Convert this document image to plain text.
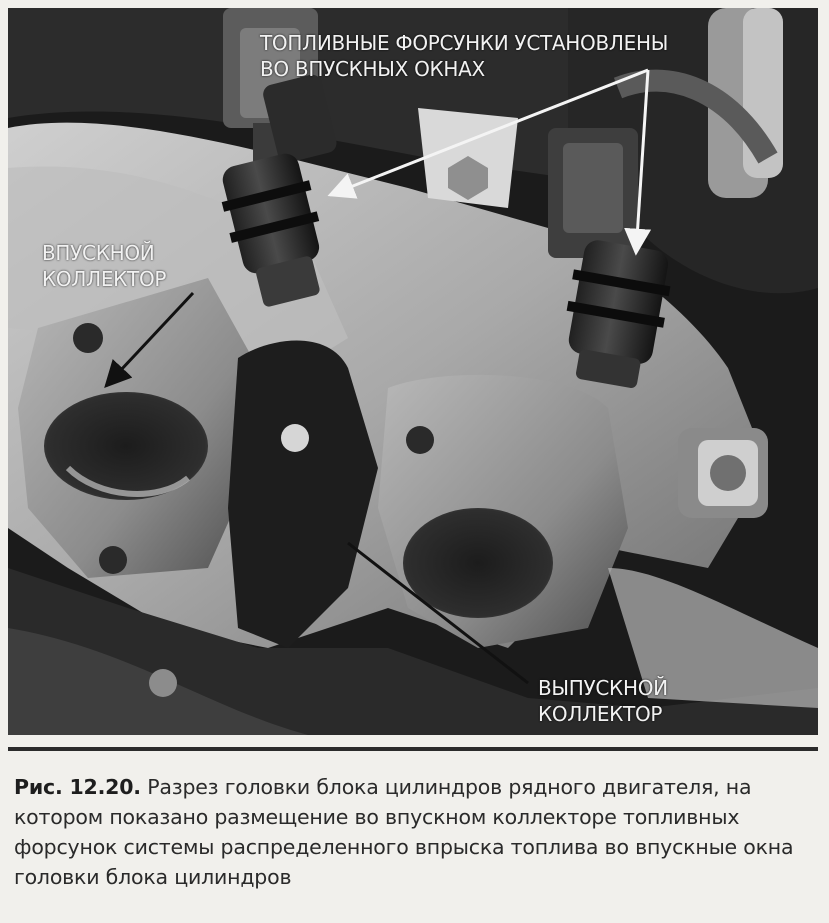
ТОПЛИВНЫЕ ФОРСУНКИ УСТАНОВЛЕНЫ
ВО ВПУСКНЫХ ОКНАХ
ВПУСКНОЙ
КОЛЛЕКТОР
ВЫПУСКНОЙ
КОЛЛЕКТОР
Рис. 12.20. Разрез головки блока цилиндров рядного двигателя, на котором показано размещение во впускном коллекторе топливных форсунок системы распределенного впрыска топлива во впускные окна головки блока цилиндров
